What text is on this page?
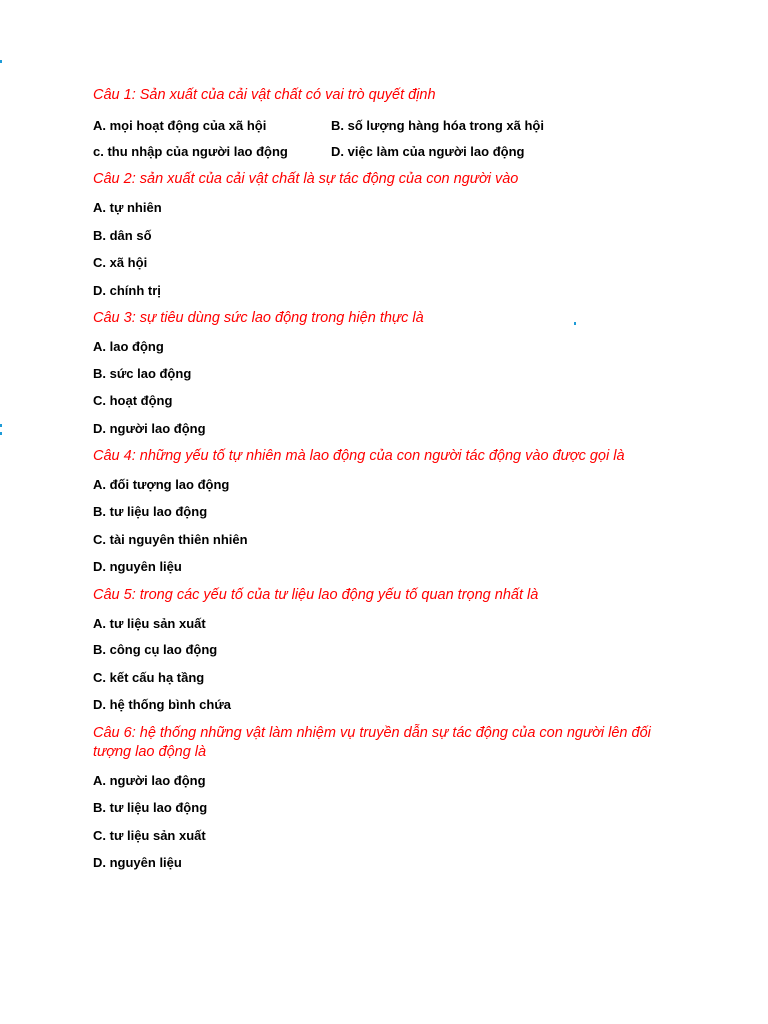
Câu 1: Sản xuất của cải vật chất có vai trò quyết định
A. mọi hoạt động của xã hội	B. số lượng hàng hóa trong xã hội
c. thu nhập của người lao động	D. việc làm của người lao động
Câu 2: sản xuất của cải vật chất là sự tác động của con người vào
A. tự nhiên
B. dân số
C. xã hội
D. chính trị
Câu 3: sự tiêu dùng sức lao động trong hiện thực là
A. lao động
B. sức lao động
C. hoạt động
D. người lao động
Câu 4: những yếu tố tự nhiên mà lao động của con người tác động vào được gọi là
A. đối tượng lao động
B. tư liệu lao động
C. tài nguyên thiên nhiên
D. nguyên liệu
Câu 5: trong các yếu tố của tư liệu lao động yếu tố quan trọng nhất là
A. tư liệu sản xuất
B. công cụ lao động
C. kết cấu hạ tầng
D. hệ thống bình chứa
Câu 6: hệ thống những vật làm nhiệm vụ truyền dẫn sự tác động của con người lên đối tượng lao động là
A. người lao động
B. tư liệu lao động
C. tư liệu sản xuất
D. nguyên liệu
